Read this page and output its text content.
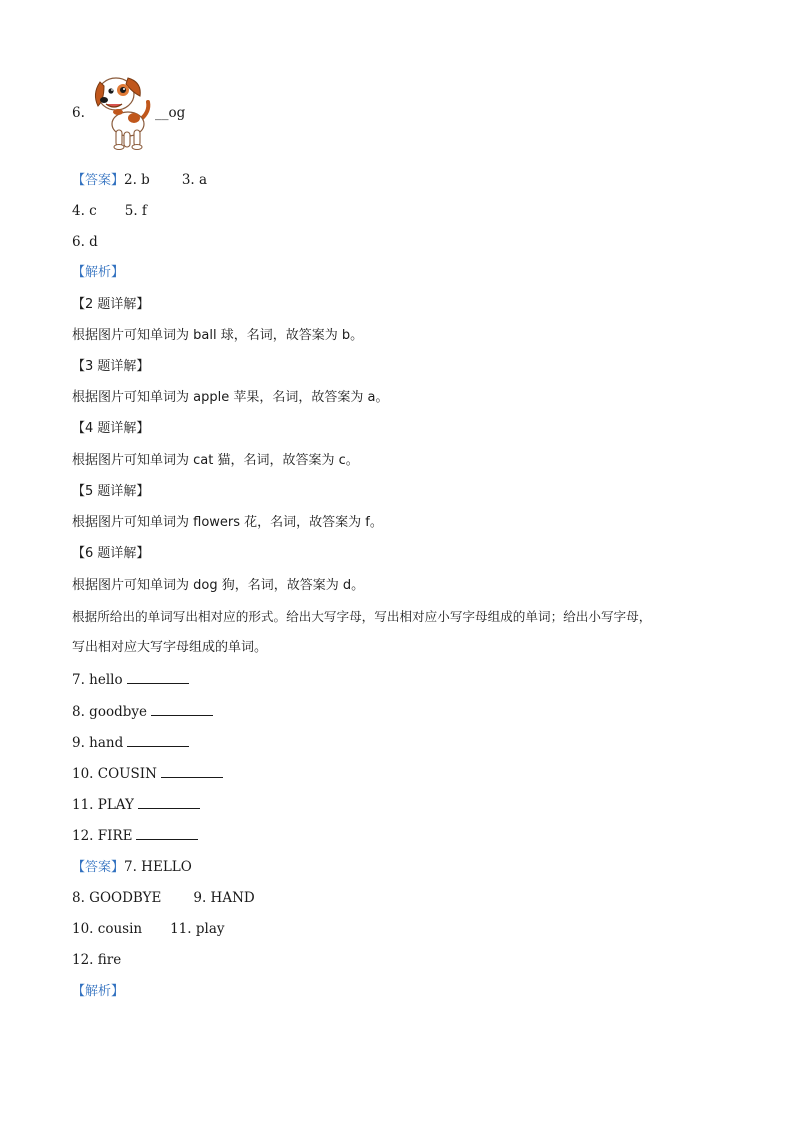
6.	__og
【答案】2. b 3. a
4. c 5. f
6. d
【解析】
【2 题详解】
根据图片可知单词为 ball 球，名词，故答案为 b。
【3 题详解】
根据图片可知单词为 apple 苹果，名词，故答案为 a。
【4 题详解】
根据图片可知单词为 cat 猫，名词，故答案为 c。
【5 题详解】
根据图片可知单词为 flowers 花，名词，故答案为 f。
【6 题详解】
根据图片可知单词为 dog 狗，名词，故答案为 d。
根据所给出的单词写出相对应的形式。给出大写字母，写出相对应小写字母组成的单词；给出小写字母，
写出相对应大写字母组成的单词。
7. hello
8. goodbye
9. hand
10. COUSIN
11. PLAY
12. FIRE
【答案】7. HELLO
8. GOODBYE 9. HAND
10. cousin 11. play
12. fire
【解析】
